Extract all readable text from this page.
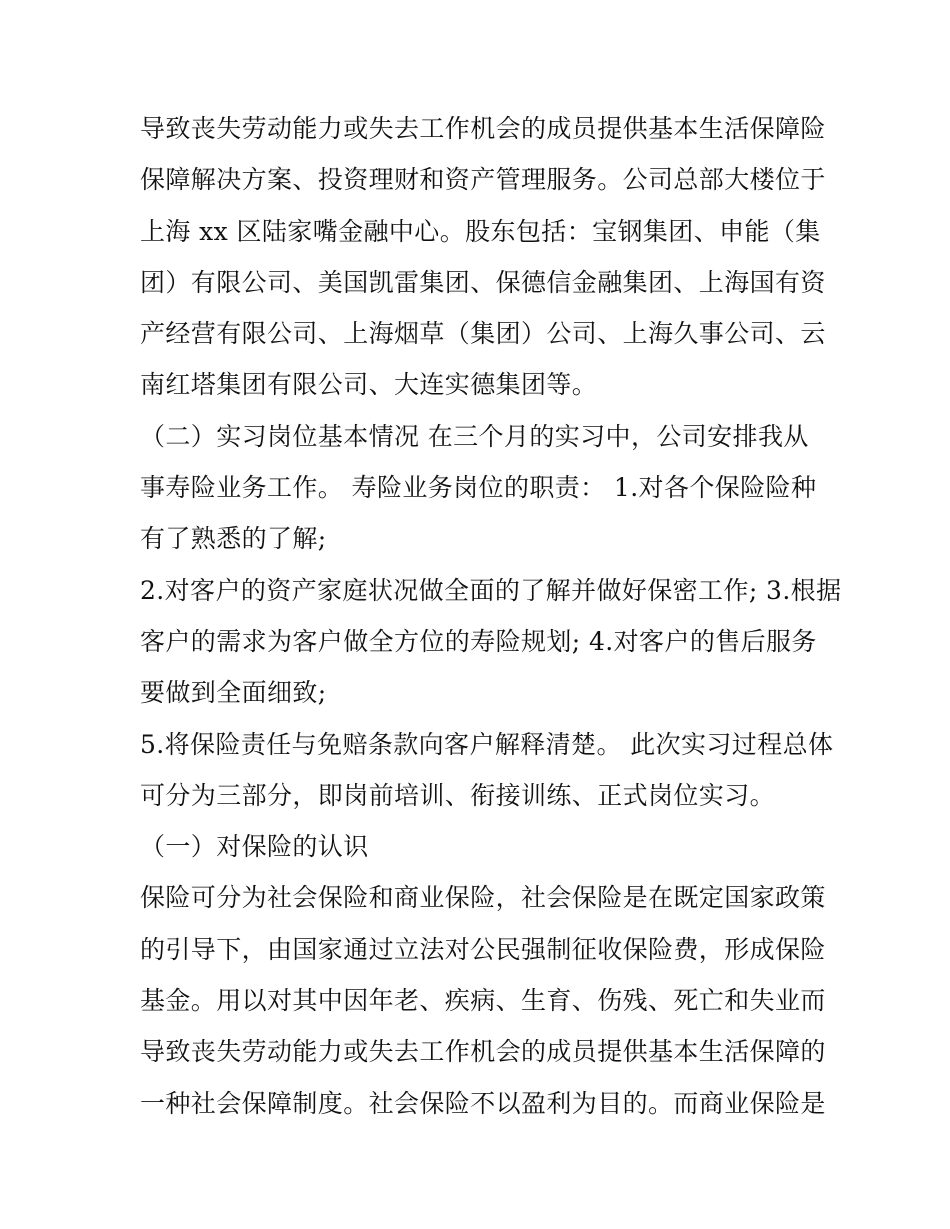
导致丧失劳动能力或失去工作机会的成员提供基本生活保障险
保障解决方案、投资理财和资产管理服务。公司总部大楼位于
上海 xx 区陆家嘴金融中心。股东包括：宝钢集团、申能（集
团）有限公司、美国凯雷集团、保德信金融集团、上海国有资
产经营有限公司、上海烟草（集团）公司、上海久事公司、云
南红塔集团有限公司、大连实德集团等。
（二）实习岗位基本情况 在三个月的实习中，公司安排我从
事寿险业务工作。 寿险业务岗位的职责： 1.对各个保险险种
有了熟悉的了解;
2.对客户的资产家庭状况做全面的了解并做好保密工作; 3.根据
客户的需求为客户做全方位的寿险规划; 4.对客户的售后服务
要做到全面细致;
5.将保险责任与免赔条款向客户解释清楚。 此次实习过程总体
可分为三部分，即岗前培训、衔接训练、正式岗位实习。
（一）对保险的认识
保险可分为社会保险和商业保险，社会保险是在既定国家政策
的引导下，由国家通过立法对公民强制征收保险费，形成保险
基金。用以对其中因年老、疾病、生育、伤残、死亡和失业而
导致丧失劳动能力或失去工作机会的成员提供基本生活保障的
一种社会保障制度。社会保险不以盈利为目的。而商业保险是
